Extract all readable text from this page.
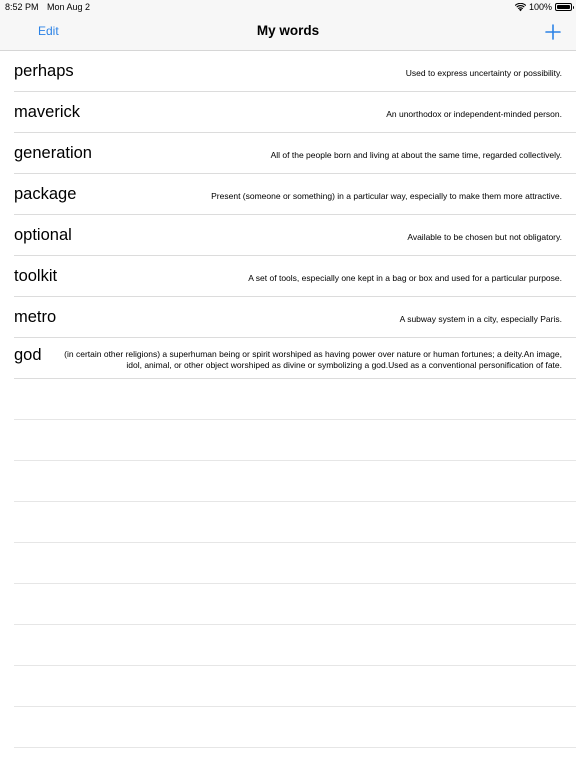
8:52 PM Mon Aug 2	100%
Edit	My words
perhaps	Used to express uncertainty or possibility.
maverick	An unorthodox or independent-minded person.
generation	All of the people born and living at about the same time, regarded collectively.
package	Present (someone or something) in a particular way, especially to make them more attractive.
optional	Available to be chosen but not obligatory.
toolkit	A set of tools, especially one kept in a bag or box and used for a particular purpose.
metro	A subway system in a city, especially Paris.
god	(in certain other religions) a superhuman being or spirit worshiped as having power over nature or human fortunes; a deity.An image, idol, animal, or other object worshiped as divine or symbolizing a god.Used as a conventional personification of fate.
